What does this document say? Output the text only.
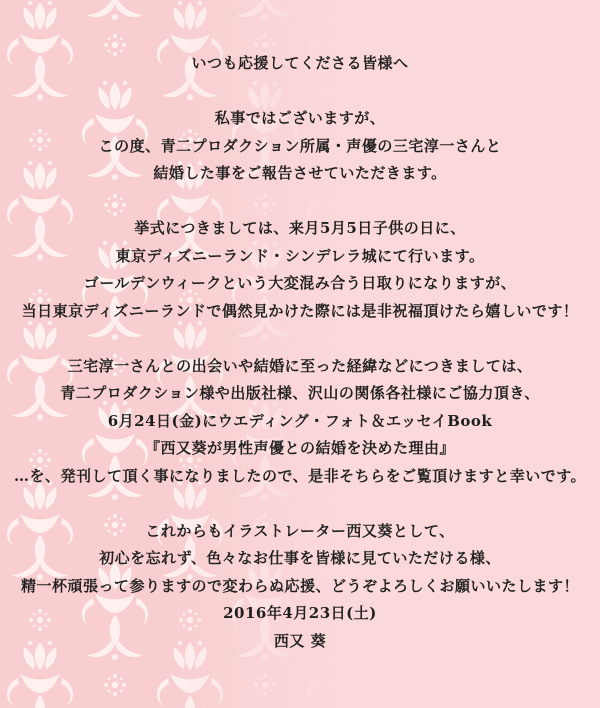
いつも応援してくださる皆様へ

私事ではございますが、
この度、青二プロダクション所属・声優の三宅淳一さんと
結婚した事をご報告させていただきます。

挙式につきましては、来月5月5日子供の日に、
東京ディズニーランド・シンデレラ城にて行います。
ゴールデンウィークという大変混み合う日取りになりますが、
当日東京ディズニーランドで偶然見かけた際には是非祝福頂けたら嬉しいです！

三宅淳一さんとの出会いや結婚に至った経緯などにつきましては、
青二プロダクション様や出版社様、沢山の関係各社様にご協力頂き、
6月24日(金)にウエディング・フォト＆エッセイBook
『西又葵が男性声優との結婚を決めた理由』
…を、発刊して頂く事になりましたので、是非そちらをご覧頂けますと幸いです。

これからもイラストレーター西又葵として、
初心を忘れず、色々なお仕事を皆様に見ていただける様、
精一杯頑張って参りますので変わらぬ応援、どうぞよろしくお願いいたします！

2016年4月23日(土)
西又 葵
